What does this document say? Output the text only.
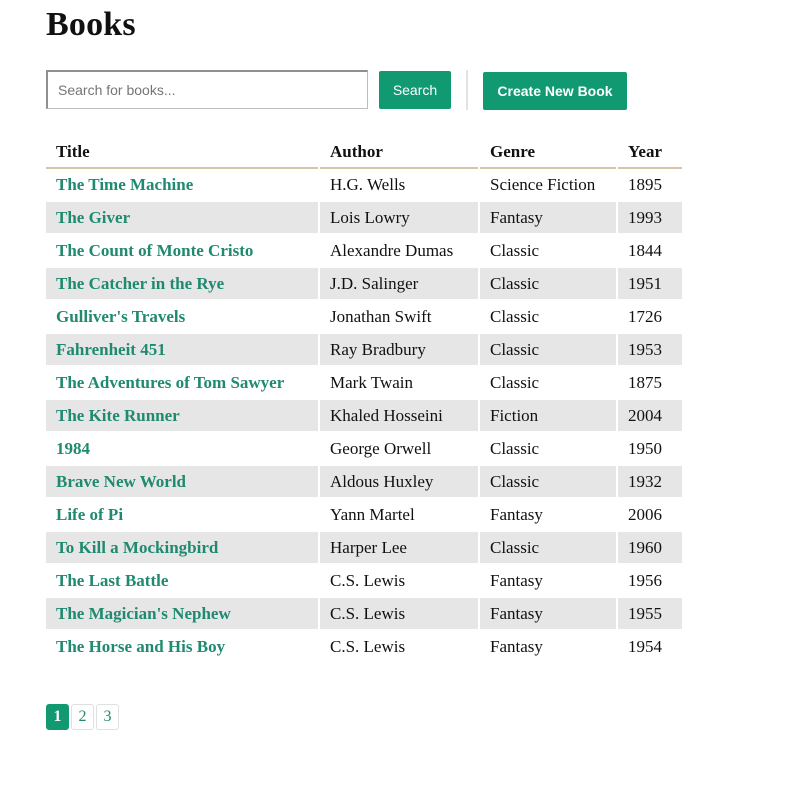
Books
Search for books...
Search	Create New Book
Title	Author	Genre	Year
The Time Machine	H.G. Wells	Science Fiction	1895
The Giver	Lois Lowry	Fantasy	1993
The Count of Monte Cristo	Alexandre Dumas	Classic	1844
The Catcher in the Rye	J.D. Salinger	Classic	1951
Gulliver's Travels	Jonathan Swift	Classic	1726
Fahrenheit 451	Ray Bradbury	Classic	1953
The Adventures of Tom Sawyer	Mark Twain	Classic	1875
The Kite Runner	Khaled Hosseini	Fiction	2004
1984	George Orwell	Classic	1950
Brave New World	Aldous Huxley	Classic	1932
Life of Pi	Yann Martel	Fantasy	2006
To Kill a Mockingbird	Harper Lee	Classic	1960
The Last Battle	C.S. Lewis	Fantasy	1956
The Magician's Nephew	C.S. Lewis	Fantasy	1955
The Horse and His Boy	C.S. Lewis	Fantasy	1954
1	2	3
